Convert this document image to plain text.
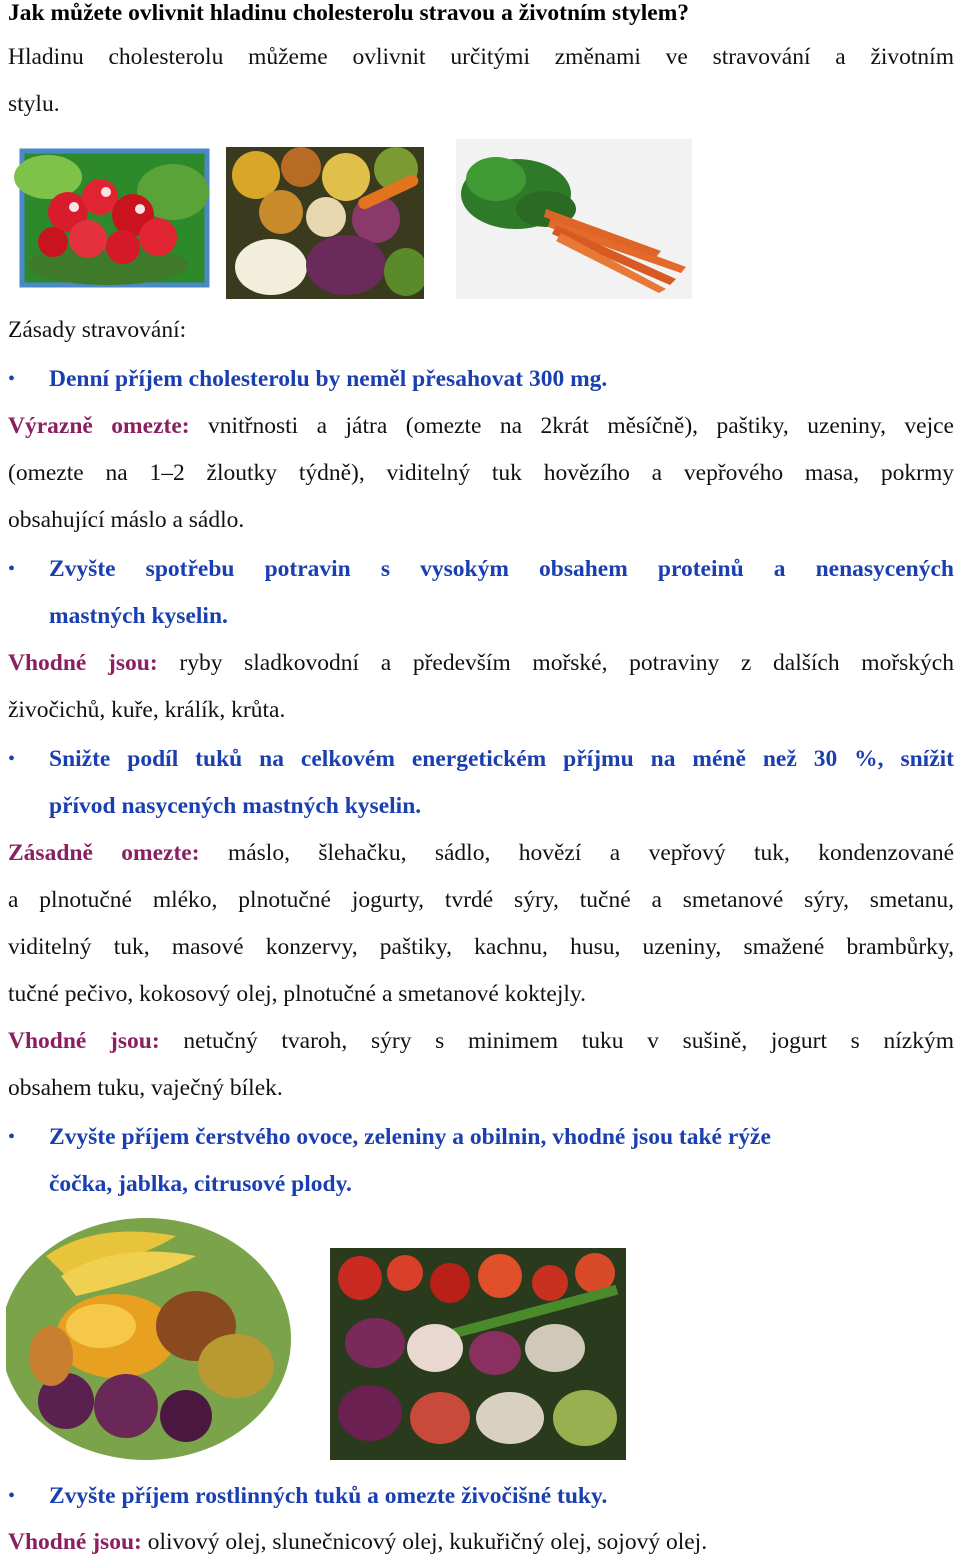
Jak můžete ovlivnit hladinu cholesterolu stravou a životním stylem?
Hladinu cholesterolu můžeme ovlivnit určitými změnami ve stravování a životním
stylu.
Zásady stravování:
• Denní příjem cholesterolu by neměl přesahovat 300 mg.
Výrazně omezte: vnitřnosti a játra (omezte na 2krát měsíčně), paštiky, uzeniny, vejce
(omezte na 1–2 žloutky týdně), viditelný tuk hovězího a vepřového masa, pokrmy
obsahující máslo a sádlo.
• Zvyšte spotřebu potravin s vysokým obsahem proteinů a nenasycených
mastných kyselin.
Vhodné jsou: ryby sladkovodní a především mořské, potraviny z dalších mořských
živočichů, kuře, králík, krůta.
• Snižte podíl tuků na celkovém energetickém příjmu na méně než 30 %, snížit
přívod nasycených mastných kyselin.
Zásadně omezte: máslo, šlehačku, sádlo, hovězí a vepřový tuk, kondenzované
a plnotučné mléko, plnotučné jogurty, tvrdé sýry, tučné a smetanové sýry, smetanu,
viditelný tuk, masové konzervy, paštiky, kachnu, husu, uzeniny, smažené brambůrky,
tučné pečivo, kokosový olej, plnotučné a smetanové koktejly.
Vhodné jsou: netučný tvaroh, sýry s minimem tuku v sušině, jogurt s nízkým
obsahem tuku, vaječný bílek.
• Zvyšte příjem čerstvého ovoce, zeleniny a obilnin, vhodné jsou také rýže
čočka, jablka, citrusové plody.
• Zvyšte příjem rostlinných tuků a omezte živočišné tuky.
Vhodné jsou: olivový olej, slunečnicový olej, kukuřičný olej, sojový olej.
